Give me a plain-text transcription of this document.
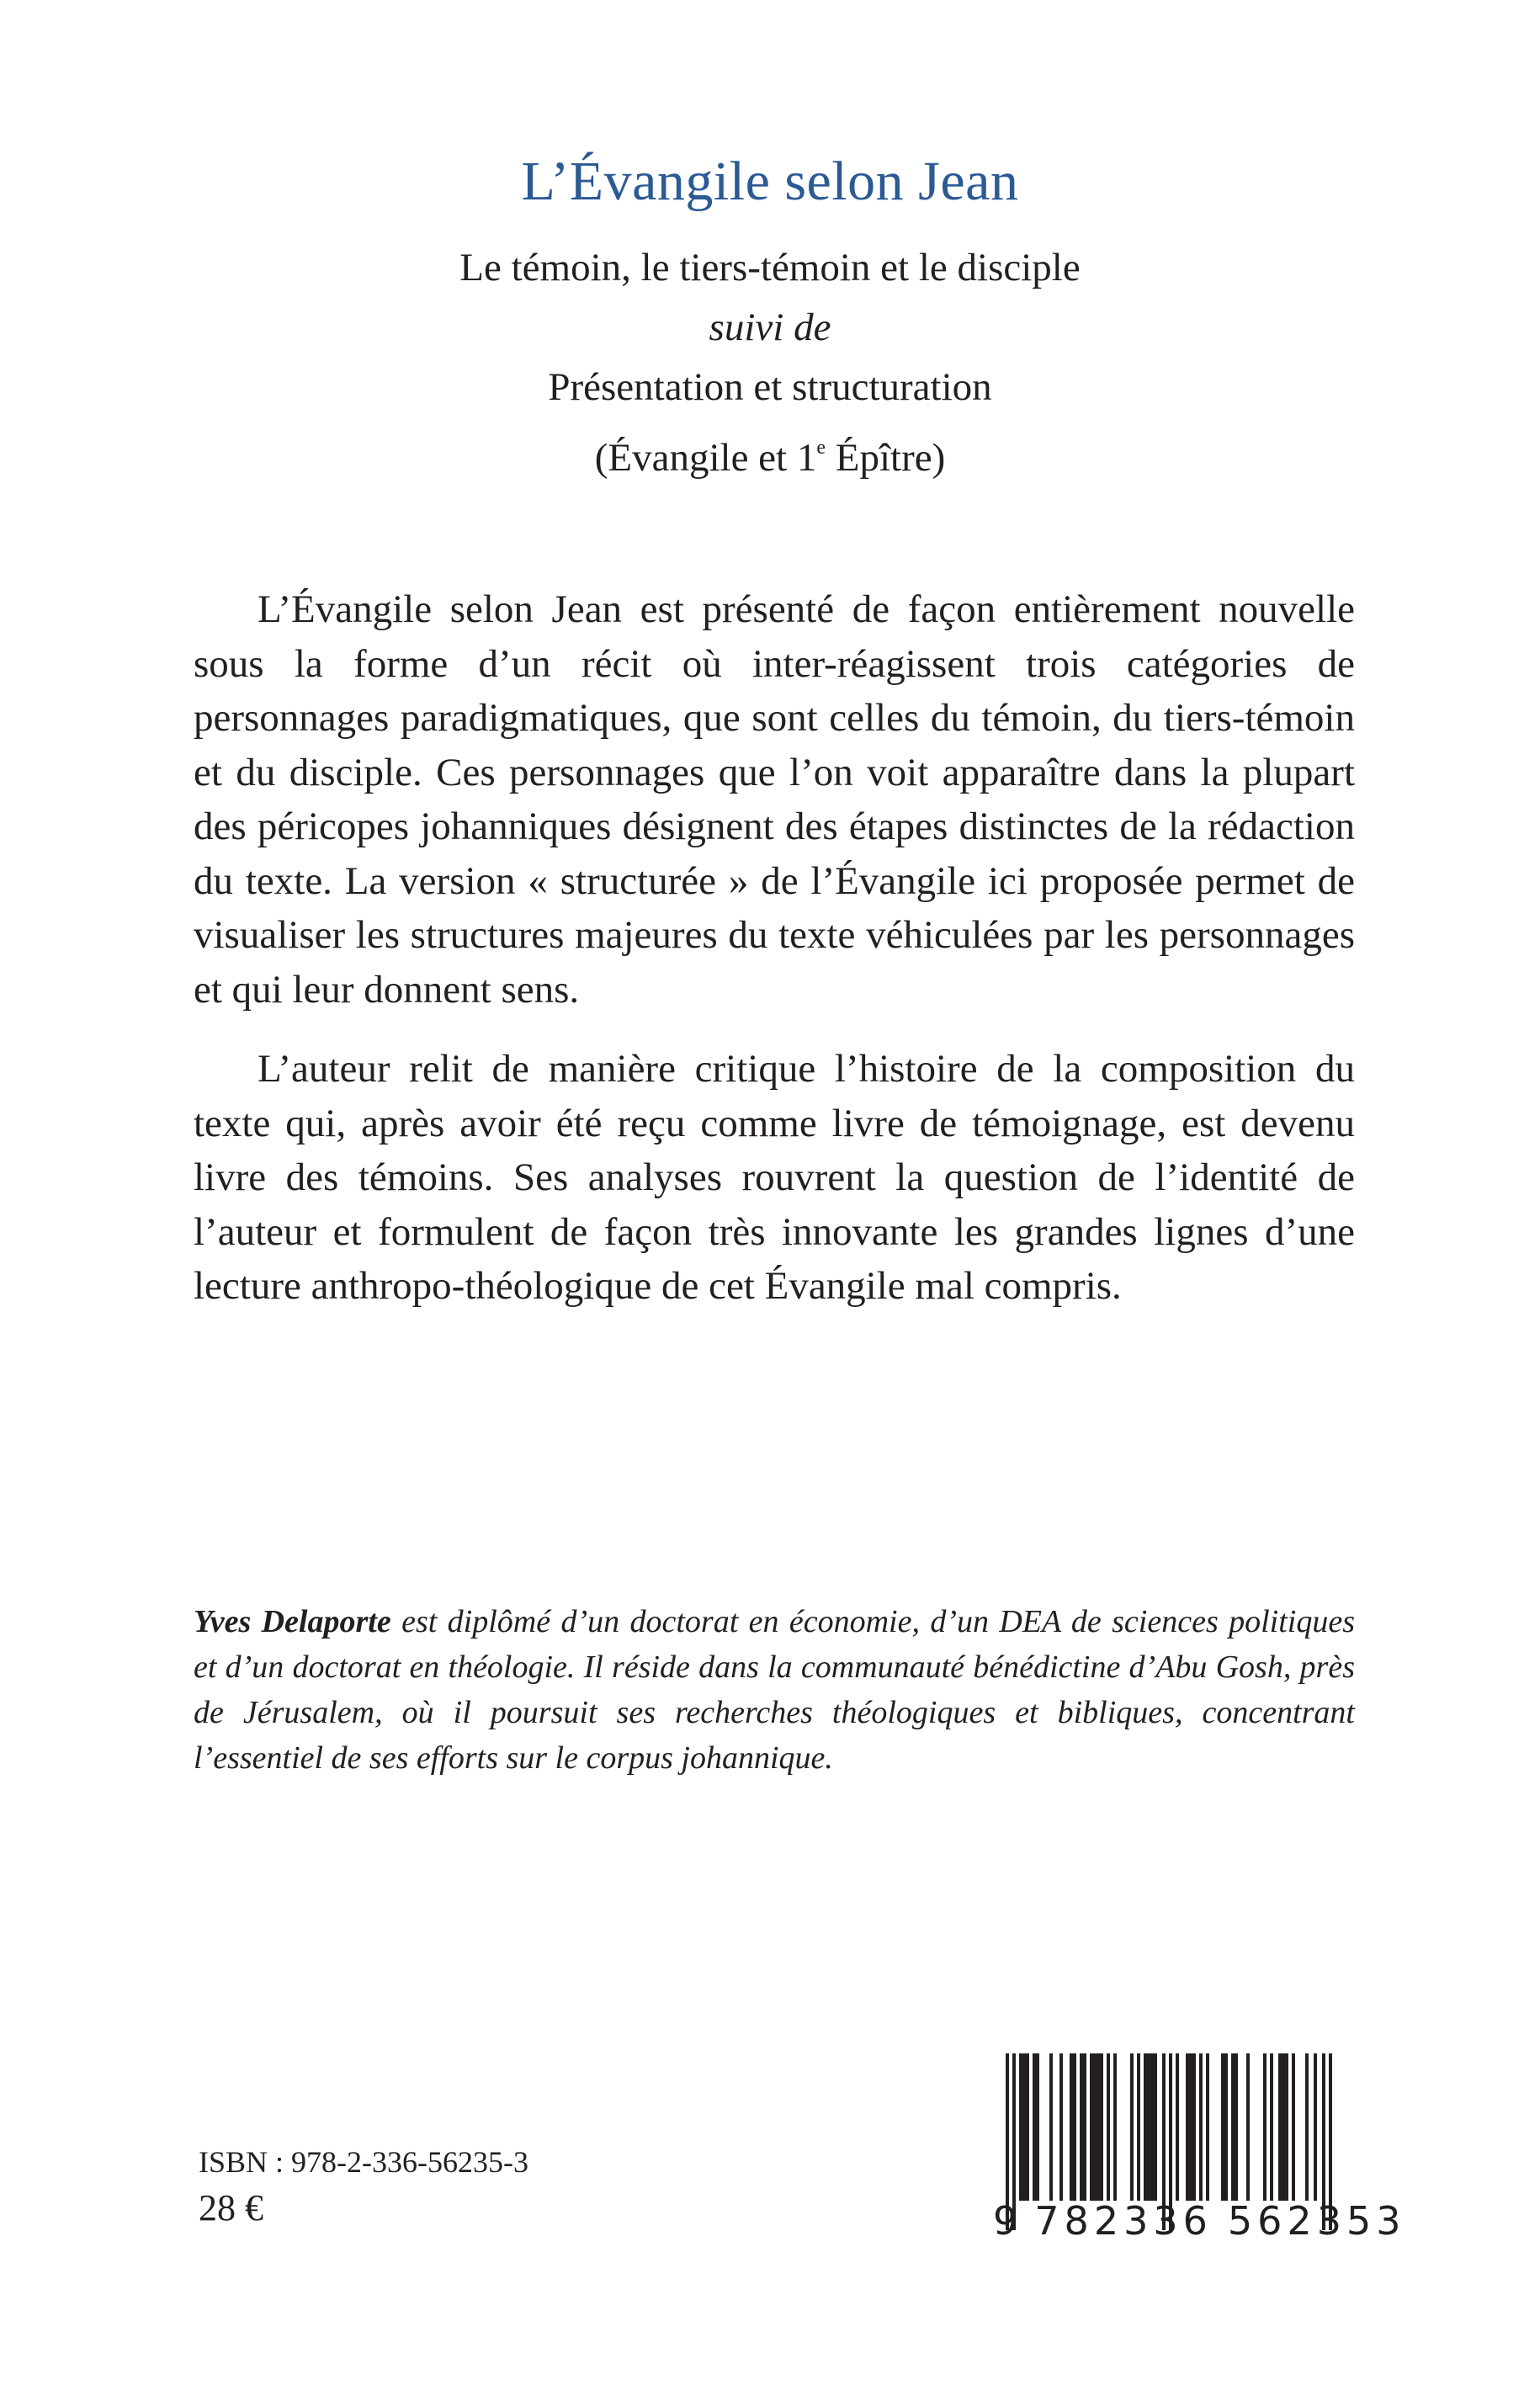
L’Évangile selon Jean
Le témoin, le tiers-témoin et le disciple
suivi de
Présentation et structuration
(Évangile et 1e Épître)

L’Évangile selon Jean est présenté de façon entièrement nouvelle sous la forme d’un récit où inter-réagissent trois catégories de personnages paradigmatiques, que sont celles du témoin, du tiers-témoin et du disciple. Ces personnages que l’on voit apparaître dans la plupart des péricopes johanniques désignent des étapes distinctes de la rédaction du texte. La version « structurée » de l’Évangile ici proposée permet de visualiser les structures majeures du texte véhiculées par les personnages et qui leur donnent sens.

L’auteur relit de manière critique l’histoire de la composition du texte qui, après avoir été reçu comme livre de témoignage, est devenu livre des témoins. Ses analyses rouvrent la question de l’identité de l’auteur et formulent de façon très innovante les grandes lignes d’une lecture anthropo-théologique de cet Évangile mal compris.

Yves Delaporte est diplômé d’un doctorat en économie, d’un DEA de sciences politiques et d’un doctorat en théologie. Il réside dans la communauté bénédictine d’Abu Gosh, près de Jérusalem, où il poursuit ses recherches théologiques et bibliques, concentrant l’essentiel de ses efforts sur le corpus johannique.
ISBN : 978-2-336-56235-3
28 €	9 782336 562353
